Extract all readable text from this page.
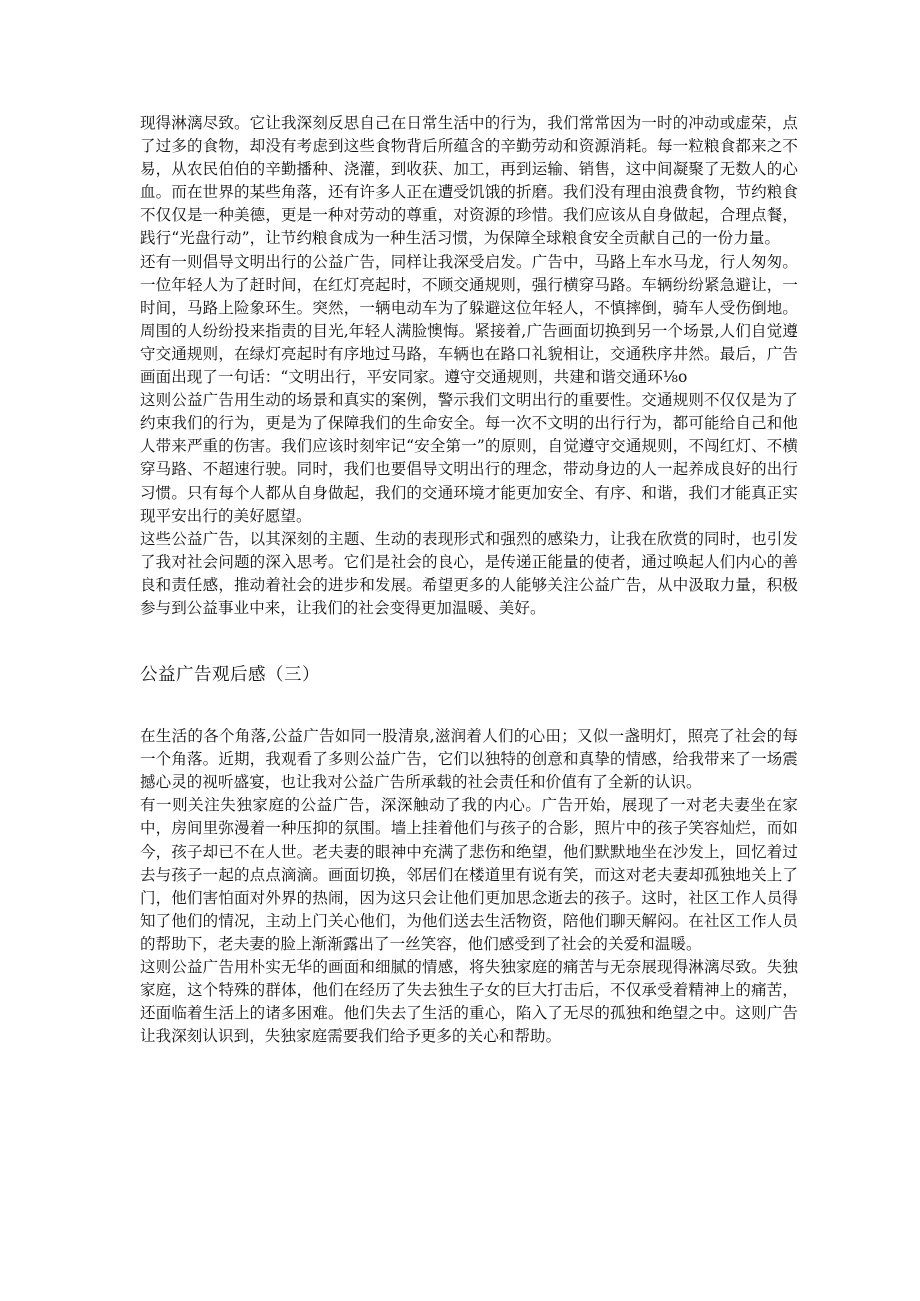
现得淋漓尽致。它让我深刻反思自己在日常生活中的行为，我们常常因为一时的冲动或虚荣，点了过多的食物，却没有考虑到这些食物背后所蕴含的辛勤劳动和资源消耗。每一粒粮食都来之不易，从农民伯伯的辛勤播种、浇灌，到收获、加工，再到运输、销售，这中间凝聚了无数人的心血。而在世界的某些角落，还有许多人正在遭受饥饿的折磨。我们没有理由浪费食物，节约粮食不仅仅是一种美德，更是一种对劳动的尊重，对资源的珍惜。我们应该从自身做起，合理点餐，践行“光盘行动”，让节约粮食成为一种生活习惯，为保障全球粮食安全贡献自己的一份力量。

还有一则倡导文明出行的公益广告，同样让我深受启发。广告中，马路上车水马龙，行人匆匆。一位年轻人为了赶时间，在红灯亮起时，不顾交通规则，强行横穿马路。车辆纷纷紧急避让，一时间，马路上险象环生。突然，一辆电动车为了躲避这位年轻人，不慎摔倒，骑车人受伤倒地。周围的人纷纷投来指责的目光,年轻人满脸懊悔。紧接着,广告画面切换到另一个场景,人们自觉遵守交通规则，在绿灯亮起时有序地过马路，车辆也在路口礼貌相让，交通秩序井然。最后，广告画面出现了一句话：“文明出行，平安同家。遵守交通规则，共建和谐交通环⅛o

这则公益广告用生动的场景和真实的案例，警示我们文明出行的重要性。交通规则不仅仅是为了约束我们的行为，更是为了保障我们的生命安全。每一次不文明的出行行为，都可能给自己和他人带来严重的伤害。我们应该时刻牢记“安全第一”的原则，自觉遵守交通规则，不闯红灯、不横穿马路、不超速行驶。同时，我们也要倡导文明出行的理念，带动身边的人一起养成良好的出行习惯。只有每个人都从自身做起，我们的交通环境才能更加安全、有序、和谐，我们才能真正实现平安出行的美好愿望。

这些公益广告，以其深刻的主题、生动的表现形式和强烈的感染力，让我在欣赏的同时，也引发了我对社会问题的深入思考。它们是社会的良心，是传递正能量的使者，通过唤起人们内心的善良和责任感，推动着社会的进步和发展。希望更多的人能够关注公益广告，从中汲取力量，积极参与到公益事业中来，让我们的社会变得更加温暖、美好。

公益广告观后感（三）

在生活的各个角落,公益广告如同一股清泉,滋润着人们的心田；又似一盏明灯，照亮了社会的每一个角落。近期，我观看了多则公益广告，它们以独特的创意和真挚的情感，给我带来了一场震撼心灵的视听盛宴，也让我对公益广告所承载的社会责任和价值有了全新的认识。

有一则关注失独家庭的公益广告，深深触动了我的内心。广告开始，展现了一对老夫妻坐在家中，房间里弥漫着一种压抑的氛围。墙上挂着他们与孩子的合影，照片中的孩子笑容灿烂，而如今，孩子却已不在人世。老夫妻的眼神中充满了悲伤和绝望，他们默默地坐在沙发上，回忆着过去与孩子一起的点点滴滴。画面切换，邻居们在楼道里有说有笑，而这对老夫妻却孤独地关上了门，他们害怕面对外界的热闹，因为这只会让他们更加思念逝去的孩子。这时，社区工作人员得知了他们的情况，主动上门关心他们，为他们送去生活物资，陪他们聊天解闷。在社区工作人员的帮助下，老夫妻的脸上渐渐露出了一丝笑容，他们感受到了社会的关爱和温暖。

这则公益广告用朴实无华的画面和细腻的情感，将失独家庭的痛苦与无奈展现得淋漓尽致。失独家庭，这个特殊的群体，他们在经历了失去独生子女的巨大打击后，不仅承受着精神上的痛苦，还面临着生活上的诸多困难。他们失去了生活的重心，陷入了无尽的孤独和绝望之中。这则广告让我深刻认识到，失独家庭需要我们给予更多的关心和帮助。
